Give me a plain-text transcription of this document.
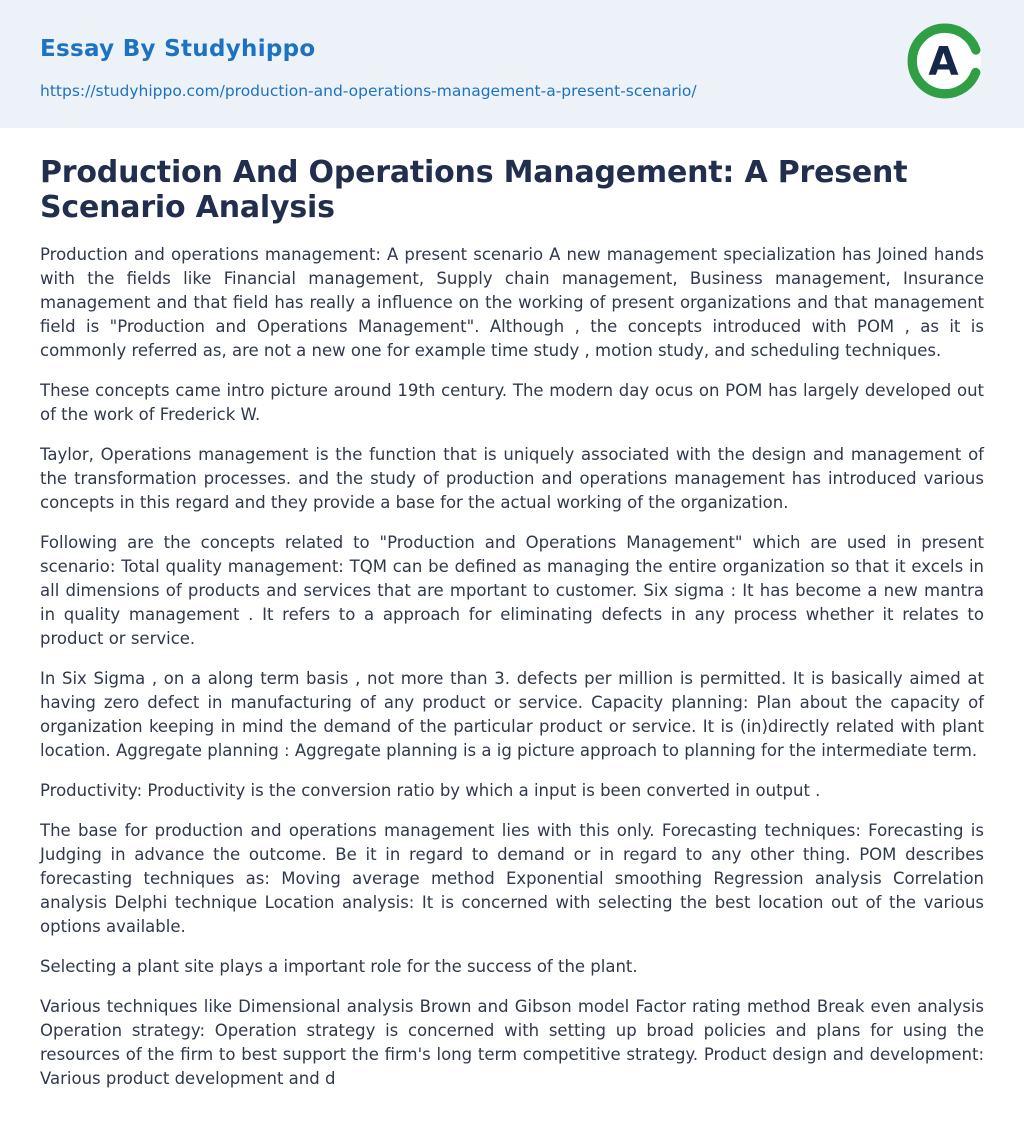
Essay By Studyhippo
https://studyhippo.com/production-and-operations-management-a-present-scenario/
A
Production And Operations Management: A Present Scenario Analysis

Production and operations management: A present scenario A new management specialization has Joined hands with the fields like Financial management, Supply chain management, Business management, Insurance management and that field has really a influence on the working of present organizations and that management field is "Production and Operations Management". Although , the concepts introduced with POM , as it is commonly referred as, are not a new one for example time study , motion study, and scheduling techniques.

These concepts came intro picture around 19th century. The modern day ocus on POM has largely developed out of the work of Frederick W.

Taylor, Operations management is the function that is uniquely associated with the design and management of the transformation processes. and the study of production and operations management has introduced various concepts in this regard and they provide a base for the actual working of the organization.

Following are the concepts related to "Production and Operations Management" which are used in present scenario: Total quality management: TQM can be defined as managing the entire organization so that it excels in all dimensions of products and services that are mportant to customer. Six sigma : It has become a new mantra in quality management . It refers to a approach for eliminating defects in any process whether it relates to product or service.

In Six Sigma , on a along term basis , not more than 3. defects per million is permitted. It is basically aimed at having zero defect in manufacturing of any product or service. Capacity planning: Plan about the capacity of organization keeping in mind the demand of the particular product or service. It is (in)directly related with plant location. Aggregate planning : Aggregate planning is a ig picture approach to planning for the intermediate term.

Productivity: Productivity is the conversion ratio by which a input is been converted in output .

The base for production and operations management lies with this only. Forecasting techniques: Forecasting is Judging in advance the outcome. Be it in regard to demand or in regard to any other thing. POM describes forecasting techniques as: Moving average method Exponential smoothing Regression analysis Correlation analysis Delphi technique Location analysis: It is concerned with selecting the best location out of the various options available.

Selecting a plant site plays a important role for the success of the plant.

Various techniques like Dimensional analysis Brown and Gibson model Factor rating method Break even analysis Operation strategy: Operation strategy is concerned with setting up broad policies and plans for using the resources of the firm to best support the firm's long term competitive strategy. Product design and development: Various product development and d
